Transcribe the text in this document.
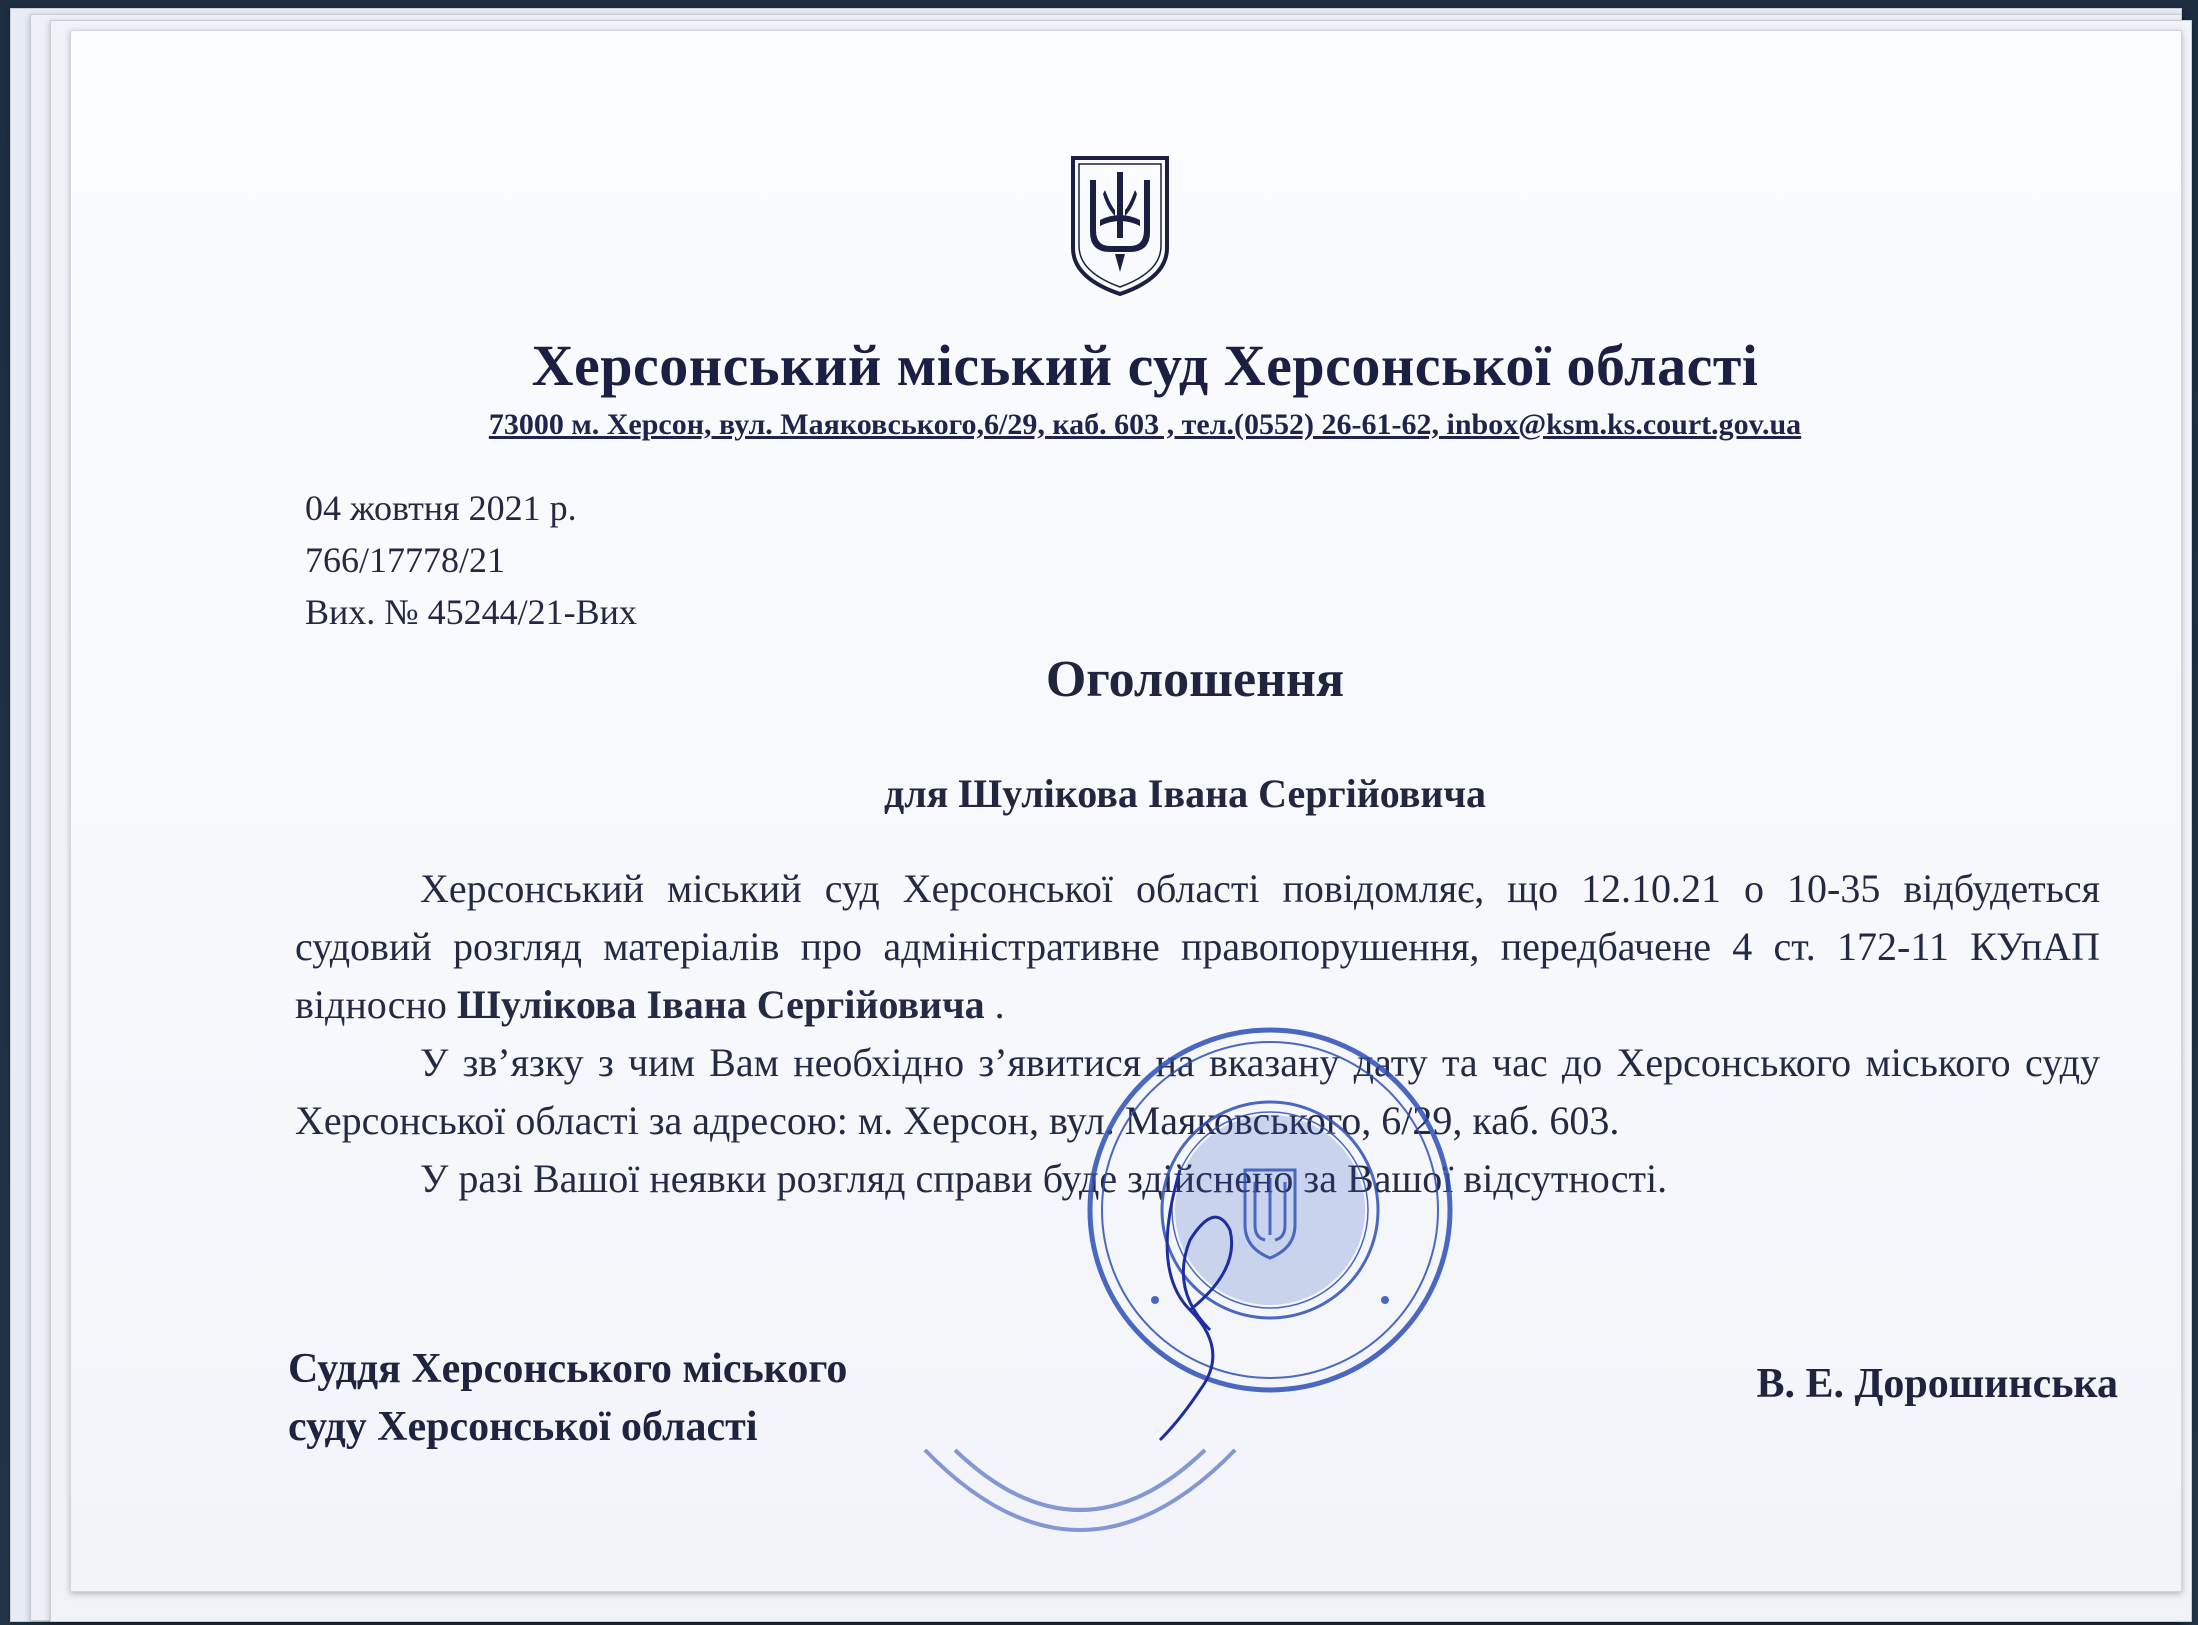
Херсонський міський суд Херсонської області
73000 м. Херсон, вул. Маяковського,6/29, каб. 603 , тел.(0552) 26-61-62, inbox@ksm.ks.court.gov.ua
04 жовтня 2021 р.
766/17778/21
Вих. № 45244/21-Вих
Оголошення
для Шулікова Івана Сергійовича

Херсонський міський суд Херсонської області повідомляє, що 12.10.21 о 10-35 відбудеться судовий розгляд матеріалів про адміністративне правопорушення, передбачене 4 ст. 172-11 КУпАП відносно Шулікова Івана Сергійовича .

У зв’язку з чим Вам необхідно з’явитися на вказану дату та час до Херсонського міського суду Херсонської області за адресою: м. Херсон, вул. Маяковського, 6/29, каб. 603.

У разі Вашої неявки розгляд справи буде здійснено за Вашої відсутності.

Суддя Херсонського міського
суду Херсонської області
В. Е. Дорошинська
